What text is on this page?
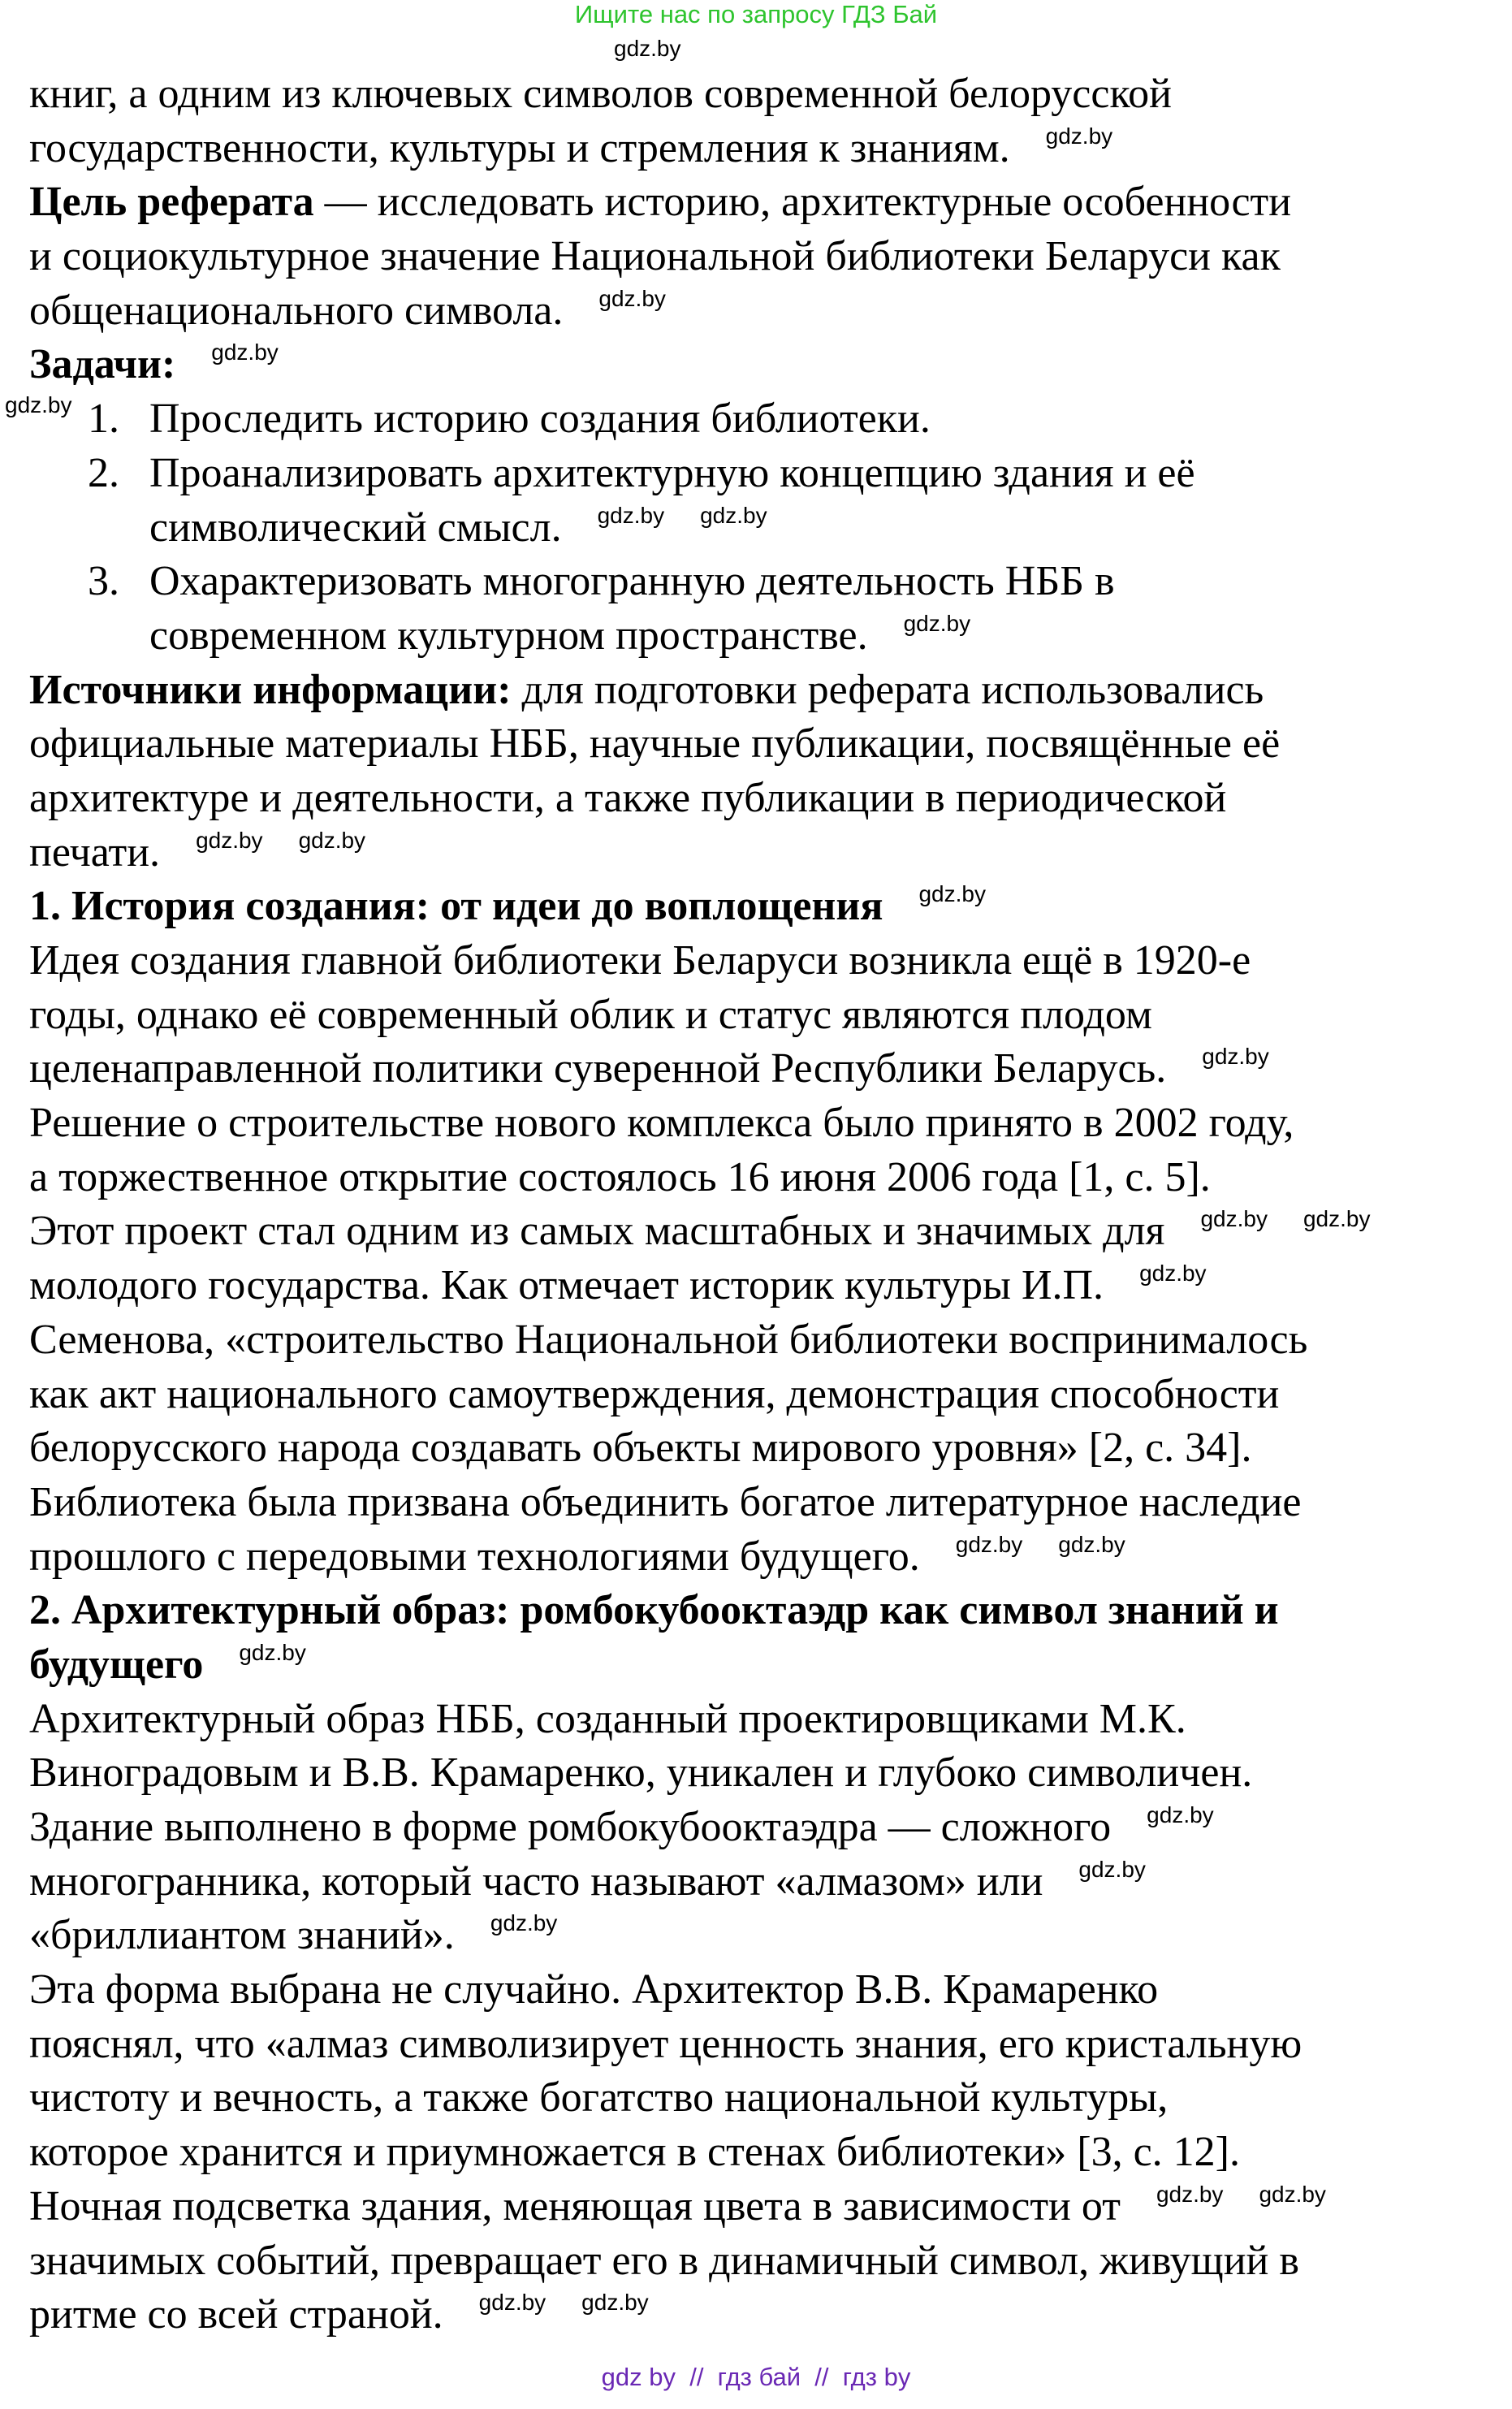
Ищите нас по запросу ГДЗ Бай
gdz.by
книг, а одним из ключевых символов современной белорусской
государственности, культуры и стремления к знаниям. gdz.by
Цель реферата — исследовать историю, архитектурные особенности
и социокультурное значение Национальной библиотеки Беларуси как
общенационального символа. gdz.by
Задачи: gdz.by
gdz.by 1. Проследить историю создания библиотеки.
2. Проанализировать архитектурную концепцию здания и её
символический смысл. gdz.by gdz.by
3. Охарактеризовать многогранную деятельность НББ в
современном культурном пространстве. gdz.by
Источники информации: для подготовки реферата использовались
официальные материалы НББ, научные публикации, посвящённые её
архитектуре и деятельности, а также публикации в периодической
печати. gdz.by gdz.by
1. История создания: от идеи до воплощения gdz.by
Идея создания главной библиотеки Беларуси возникла ещё в 1920-е
годы, однако её современный облик и статус являются плодом
целенаправленной политики суверенной Республики Беларусь. gdz.by
Решение о строительстве нового комплекса было принято в 2002 году,
а торжественное открытие состоялось 16 июня 2006 года [1, с. 5].
Этот проект стал одним из самых масштабных и значимых для gdz.by gdz.by
молодого государства. Как отмечает историк культуры И.П. gdz.by
Семенова, «строительство Национальной библиотеки воспринималось
как акт национального самоутверждения, демонстрация способности
белорусского народа создавать объекты мирового уровня» [2, с. 34].
Библиотека была призвана объединить богатое литературное наследие
прошлого с передовыми технологиями будущего. gdz.by gdz.by
2. Архитектурный образ: ромбокубооктаэдр как символ знаний и
будущего gdz.by
Архитектурный образ НББ, созданный проектировщиками М.К.
Виноградовым и В.В. Крамаренко, уникален и глубоко символичен.
Здание выполнено в форме ромбокубооктаэдра — сложного gdz.by
многогранника, который часто называют «алмазом» или gdz.by
«бриллиантом знаний». gdz.by
Эта форма выбрана не случайно. Архитектор В.В. Крамаренко
пояснял, что «алмаз символизирует ценность знания, его кристальную
чистоту и вечность, а также богатство национальной культуры,
которое хранится и приумножается в стенах библиотеки» [3, с. 12].
Ночная подсветка здания, меняющая цвета в зависимости от gdz.by gdz.by
значимых событий, превращает его в динамичный символ, живущий в
ритме со всей страной. gdz.by gdz.by
gdz by  //  гдз бай  //  гдз by
